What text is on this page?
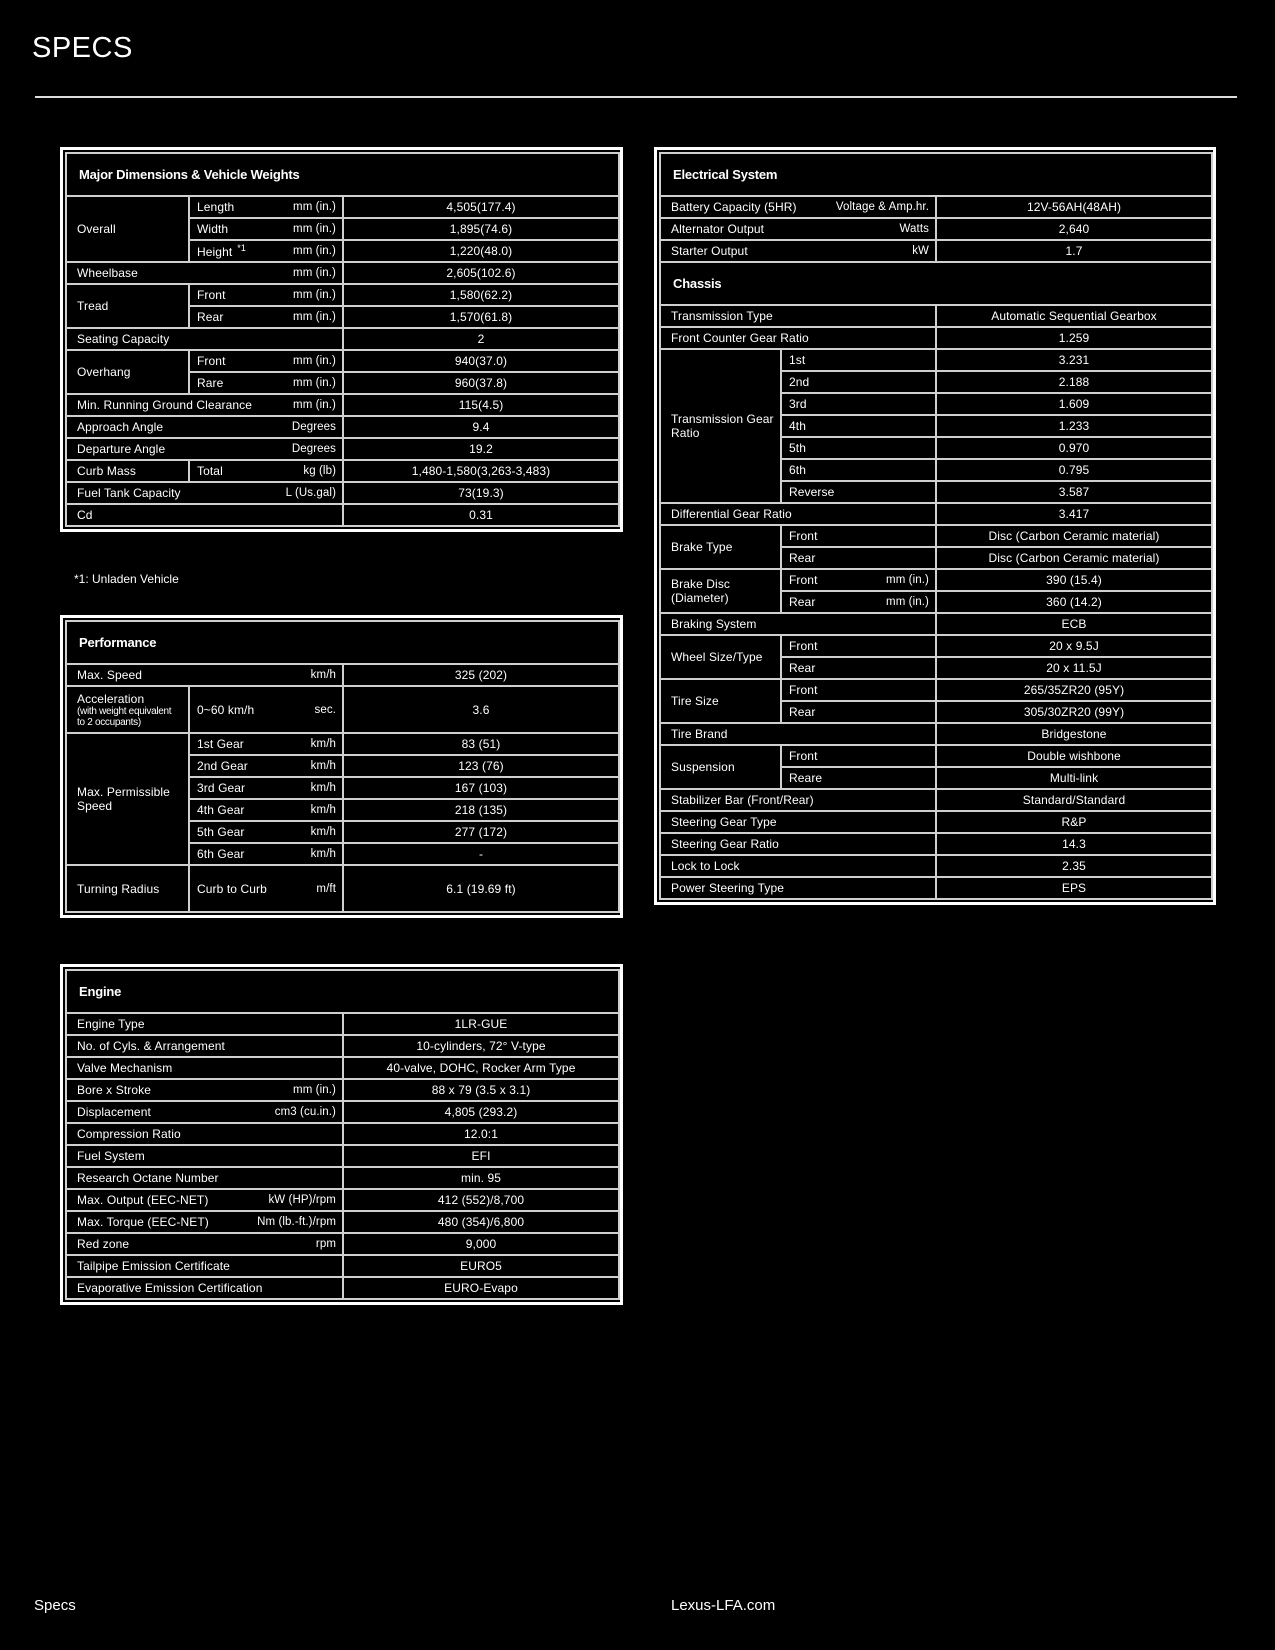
SPECS
Major Dimensions & Vehicle Weights		

Overall	Length mm (in.)	4,505(177.4)

	Width mm (in.)	1,895(74.6)

	Height $^{*1}$ mm (in.)	1,220(48.0)

Wheelbase mm (in.)		2,605(102.6)

Tread	Front mm (in.)	1,580(62.2)

	Rear mm (in.)	1,570(61.8)

Seating Capacity		2

Overhang	Front mm (in.)	940(37.0)

	Rare mm (in.)	960(37.8)

Min. Running Ground Clearance mm (in.)		115(4.5)

Approach Angle Degrees		9.4

Departure Angle Degrees		19.2

Curb Mass	Total kg (lb)	1,480-1,580(3,263-3,483)

Fuel Tank Capacity L (Us.gal)		73(19.3)

Cd		0.31
*1: Unladen Vehicle
Performance		

Max. Speed km/h		325 (202)

Acceleration
(with weight equivalent
to 2 occupants)	0~60 km/h sec.	3.6

Max. Permissible Speed	1st Gear km/h	83 (51)

	2nd Gear km/h	123 (76)

	3rd Gear km/h	167 (103)

	4th Gear km/h	218 (135)

	5th Gear km/h	277 (172)

	6th Gear km/h	-

Turning Radius	Curb to Curb m/ft	6.1 (19.69 ft)
Engine	

Engine Type	1LR-GUE

No. of Cyls. & Arrangement	10-cylinders, 72° V-type

Valve Mechanism	40-valve, DOHC, Rocker Arm Type

Bore x Stroke mm (in.)	88 x 79 (3.5 x 3.1)

Displacement cm3 (cu.in.)	4,805 (293.2)

Compression Ratio	12.0:1

Fuel System	EFI

Research Octane Number	min. 95

Max. Output (EEC-NET) kW (HP)/rpm	412 (552)/8,700

Max. Torque (EEC-NET) Nm (lb.-ft.)/rpm	480 (354)/6,800

Red zone rpm	9,000

Tailpipe Emission Certificate	EURO5

Evaporative Emission Certification	EURO-Evapo
Electrical System		

Battery Capacity (5HR) Voltage & Amp.hr.		12V-56AH(48AH)

Alternator Output Watts		2,640

Starter Output kW		1.7
Chassis		

Transmission Type		Automatic Sequential Gearbox

Front Counter Gear Ratio		1.259

Transmission Gear Ratio	1st	3.231

	2nd	2.188

	3rd	1.609

	4th	1.233

	5th	0.970

	6th	0.795

	Reverse	3.587

Differential Gear Ratio		3.417

Brake Type	Front	Disc (Carbon Ceramic material)

	Rear	Disc (Carbon Ceramic material)

Brake Disc (Diameter)	Front mm (in.)	390 (15.4)

	Rear mm (in.)	360 (14.2)

Braking System		ECB

Wheel Size/Type	Front	20 x 9.5J

	Rear	20 x 11.5J

Tire Size	Front	265/35ZR20 (95Y)

	Rear	305/30ZR20 (99Y)

Tire Brand		Bridgestone

Suspension	Front	Double wishbone

	Reare	Multi-link

Stabilizer Bar (Front/Rear)		Standard/Standard

Steering Gear Type		R&P

Steering Gear Ratio		14.3

Lock to Lock		2.35

Power Steering Type		EPS
Specs	Lexus-LFA.com
